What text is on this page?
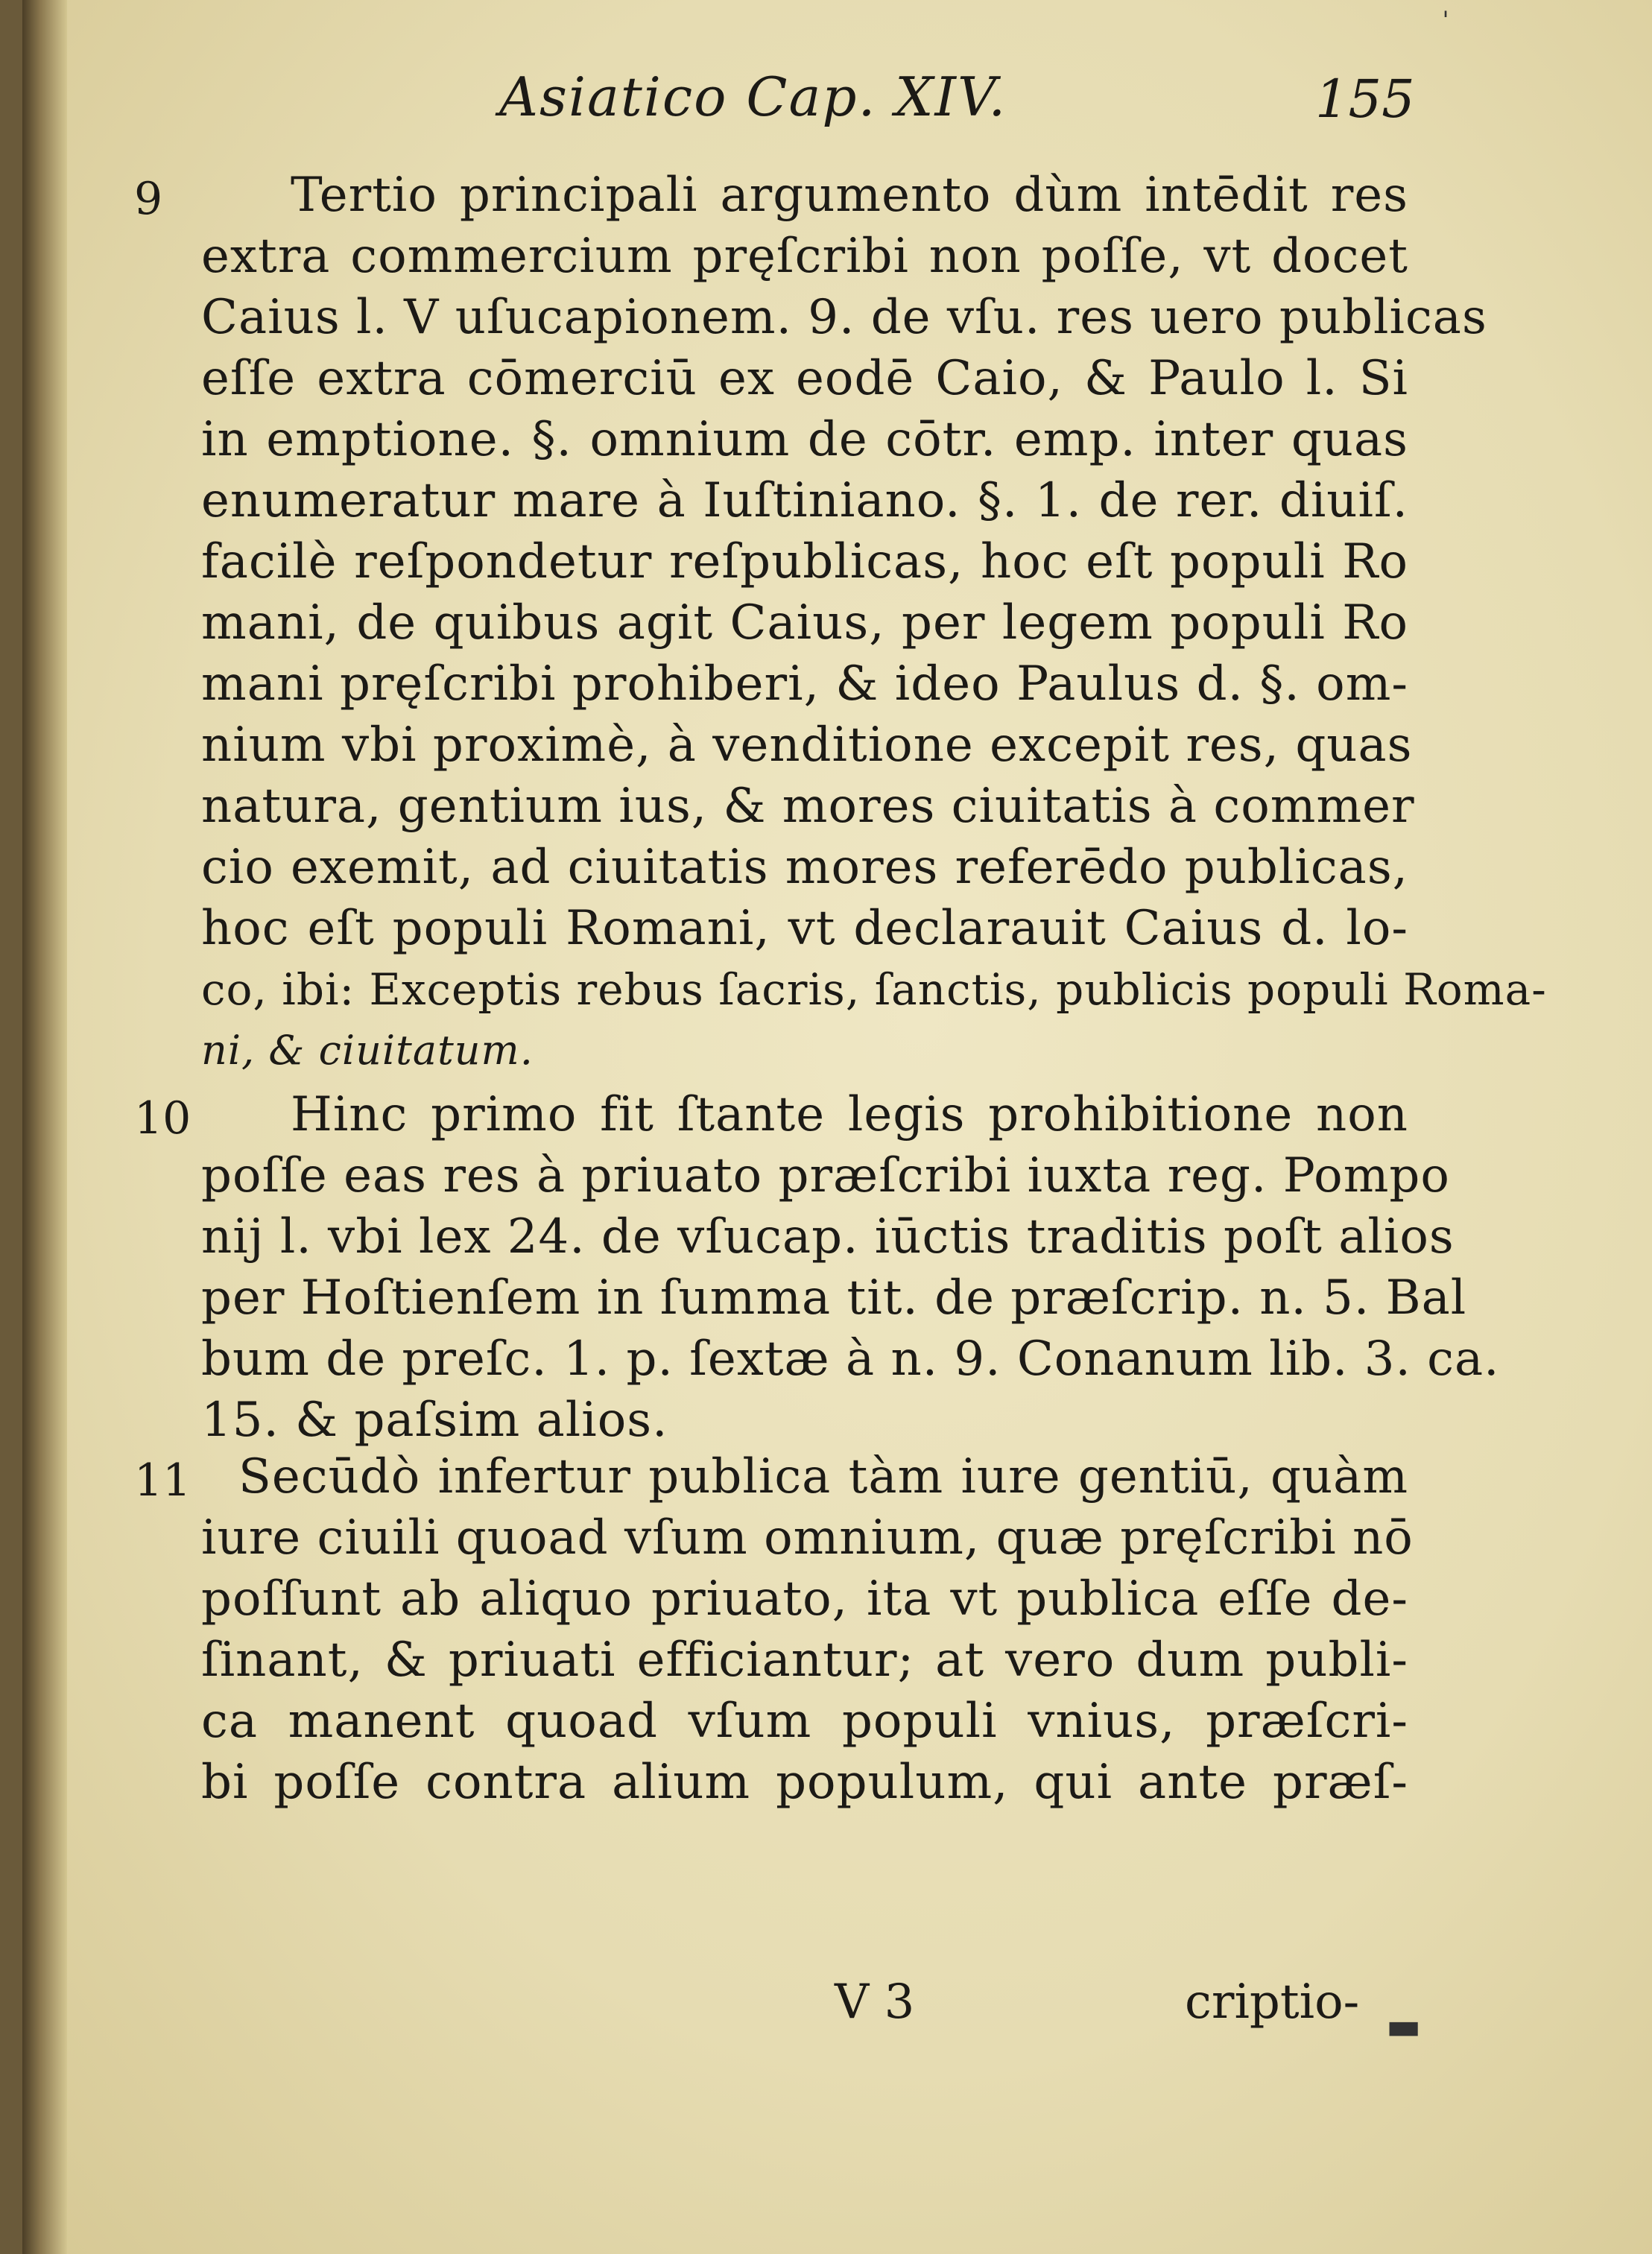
Asiatico Cap. XIV.	155
9	Tertio principali argumento dùm intēdit res
extra commercium pręſcribi non poſſe, vt docet
Caius l. V uſucapionem. 9. de vſu. res uero publicas
eſſe extra cōmerciū ex eodē Caio, & Paulo l. Si
in emptione. §. omnium de cōtr. emp. inter quas
enumeratur mare à Iuſtiniano. §. 1. de rer. diuiſ.
facilè reſpondetur reſpublicas, hoc eſt populi Ro
mani, de quibus agit Caius, per legem populi Ro
mani pręſcribi prohiberi, & ideo Paulus d. §. om-
nium vbi proximè, à venditione excepit res, quas
natura, gentium ius, & mores ciuitatis à commer
cio exemit, ad ciuitatis mores referēdo publicas,
hoc eſt populi Romani, vt declarauit Caius d. lo-
co, ibi: Exceptis rebus ſacris, ſanctis, publicis populi Roma-
ni, & ciuitatum.
10 Hinc primo fit ſtante legis prohibitione non
poſſe eas res à priuato præſcribi iuxta reg. Pompo
nij l. vbi lex 24. de vſucap. iūctis traditis poſt alios
per Hoſtienſem in ſumma tit. de præſcrip. n. 5. Bal
bum de preſc. 1. p. ſextæ à n. 9. Conanum lib. 3. ca.
15. & paſsim alios.
11 Secūdò infertur publica tàm iure gentiū, quàm
iure ciuili quoad vſum omnium, quæ pręſcribi nō
poſſunt ab aliquo priuato, ita vt publica eſſe de-
ſinant, & priuati efficiantur; at vero dum publi-
ca manent quoad vſum populi vnius, præſcri-
bi poſſe contra alium populum, qui ante præſ-
V 3	criptio- ▬
ˈ
